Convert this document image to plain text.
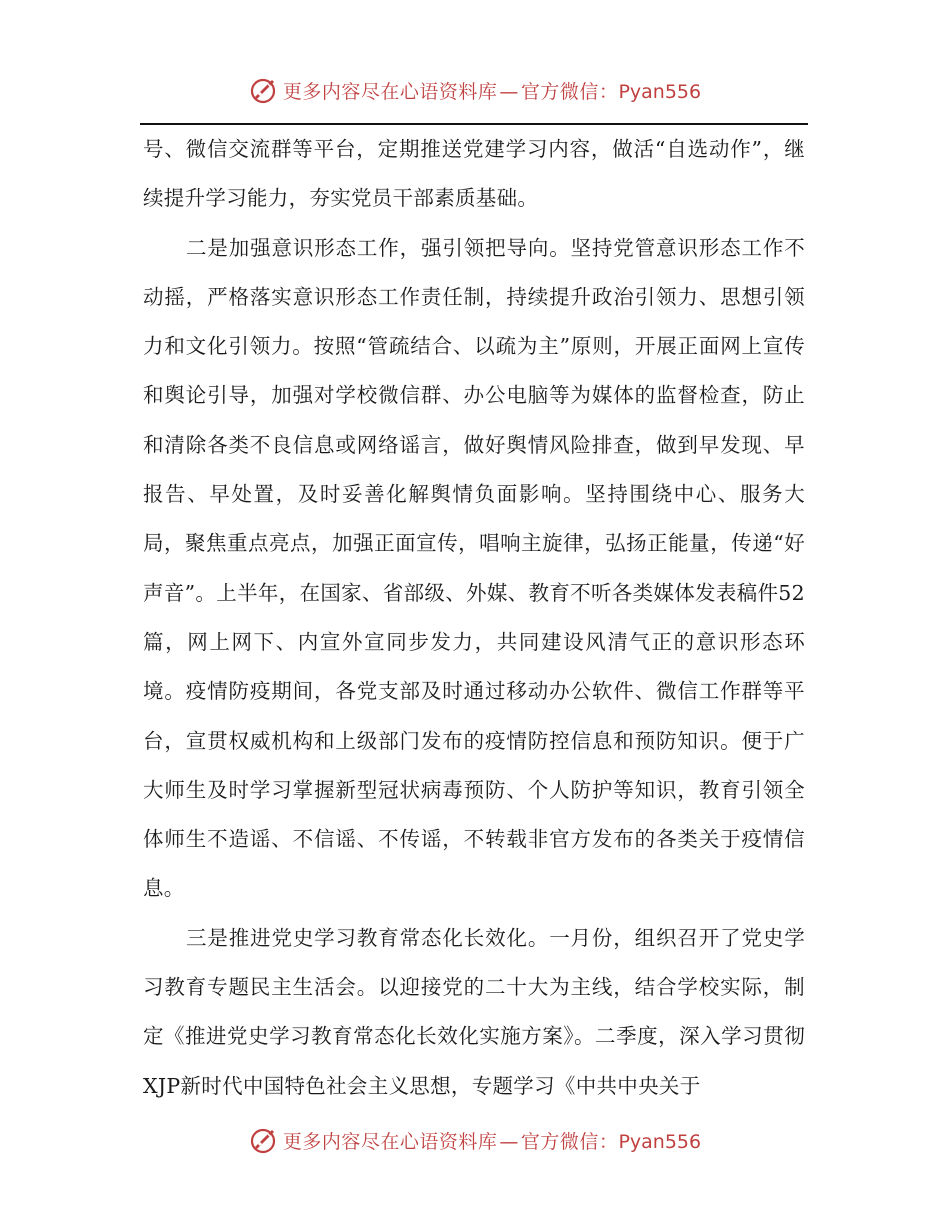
更多内容尽在心语资料库 — 官方微信：Pyan556

号、微信交流群等平台，定期推送党建学习内容，做活“自选动作”，继续提升学习能力，夯实党员干部素质基础。

二是加强意识形态工作，强引领把导向。坚持党管意识形态工作不动摇，严格落实意识形态工作责任制，持续提升政治引领力、思想引领力和文化引领力。按照“管疏结合、以疏为主”原则，开展正面网上宣传和舆论引导，加强对学校微信群、办公电脑等为媒体的监督检查，防止和清除各类不良信息或网络谣言，做好舆情风险排查，做到早发现、早报告、早处置，及时妥善化解舆情负面影响。坚持围绕中心、服务大局，聚焦重点亮点，加强正面宣传，唱响主旋律，弘扬正能量，传递“好声音”。上半年，在国家、省部级、外媒、教育不听各类媒体发表稿件52篇，网上网下、内宣外宣同步发力，共同建设风清气正的意识形态环境。疫情防疫期间，各党支部及时通过移动办公软件、微信工作群等平台，宣贯权威机构和上级部门发布的疫情防控信息和预防知识。便于广大师生及时学习掌握新型冠状病毒预防、个人防护等知识，教育引领全体师生不造谣、不信谣、不传谣，不转载非官方发布的各类关于疫情信息。

三是推进党史学习教育常态化长效化。一月份，组织召开了党史学习教育专题民主生活会。以迎接党的二十大为主线，结合学校实际，制定《推进党史学习教育常态化长效化实施方案》。二季度，深入学习贯彻XJP新时代中国特色社会主义思想，专题学习《中共中央关于

更多内容尽在心语资料库 — 官方微信：Pyan556
